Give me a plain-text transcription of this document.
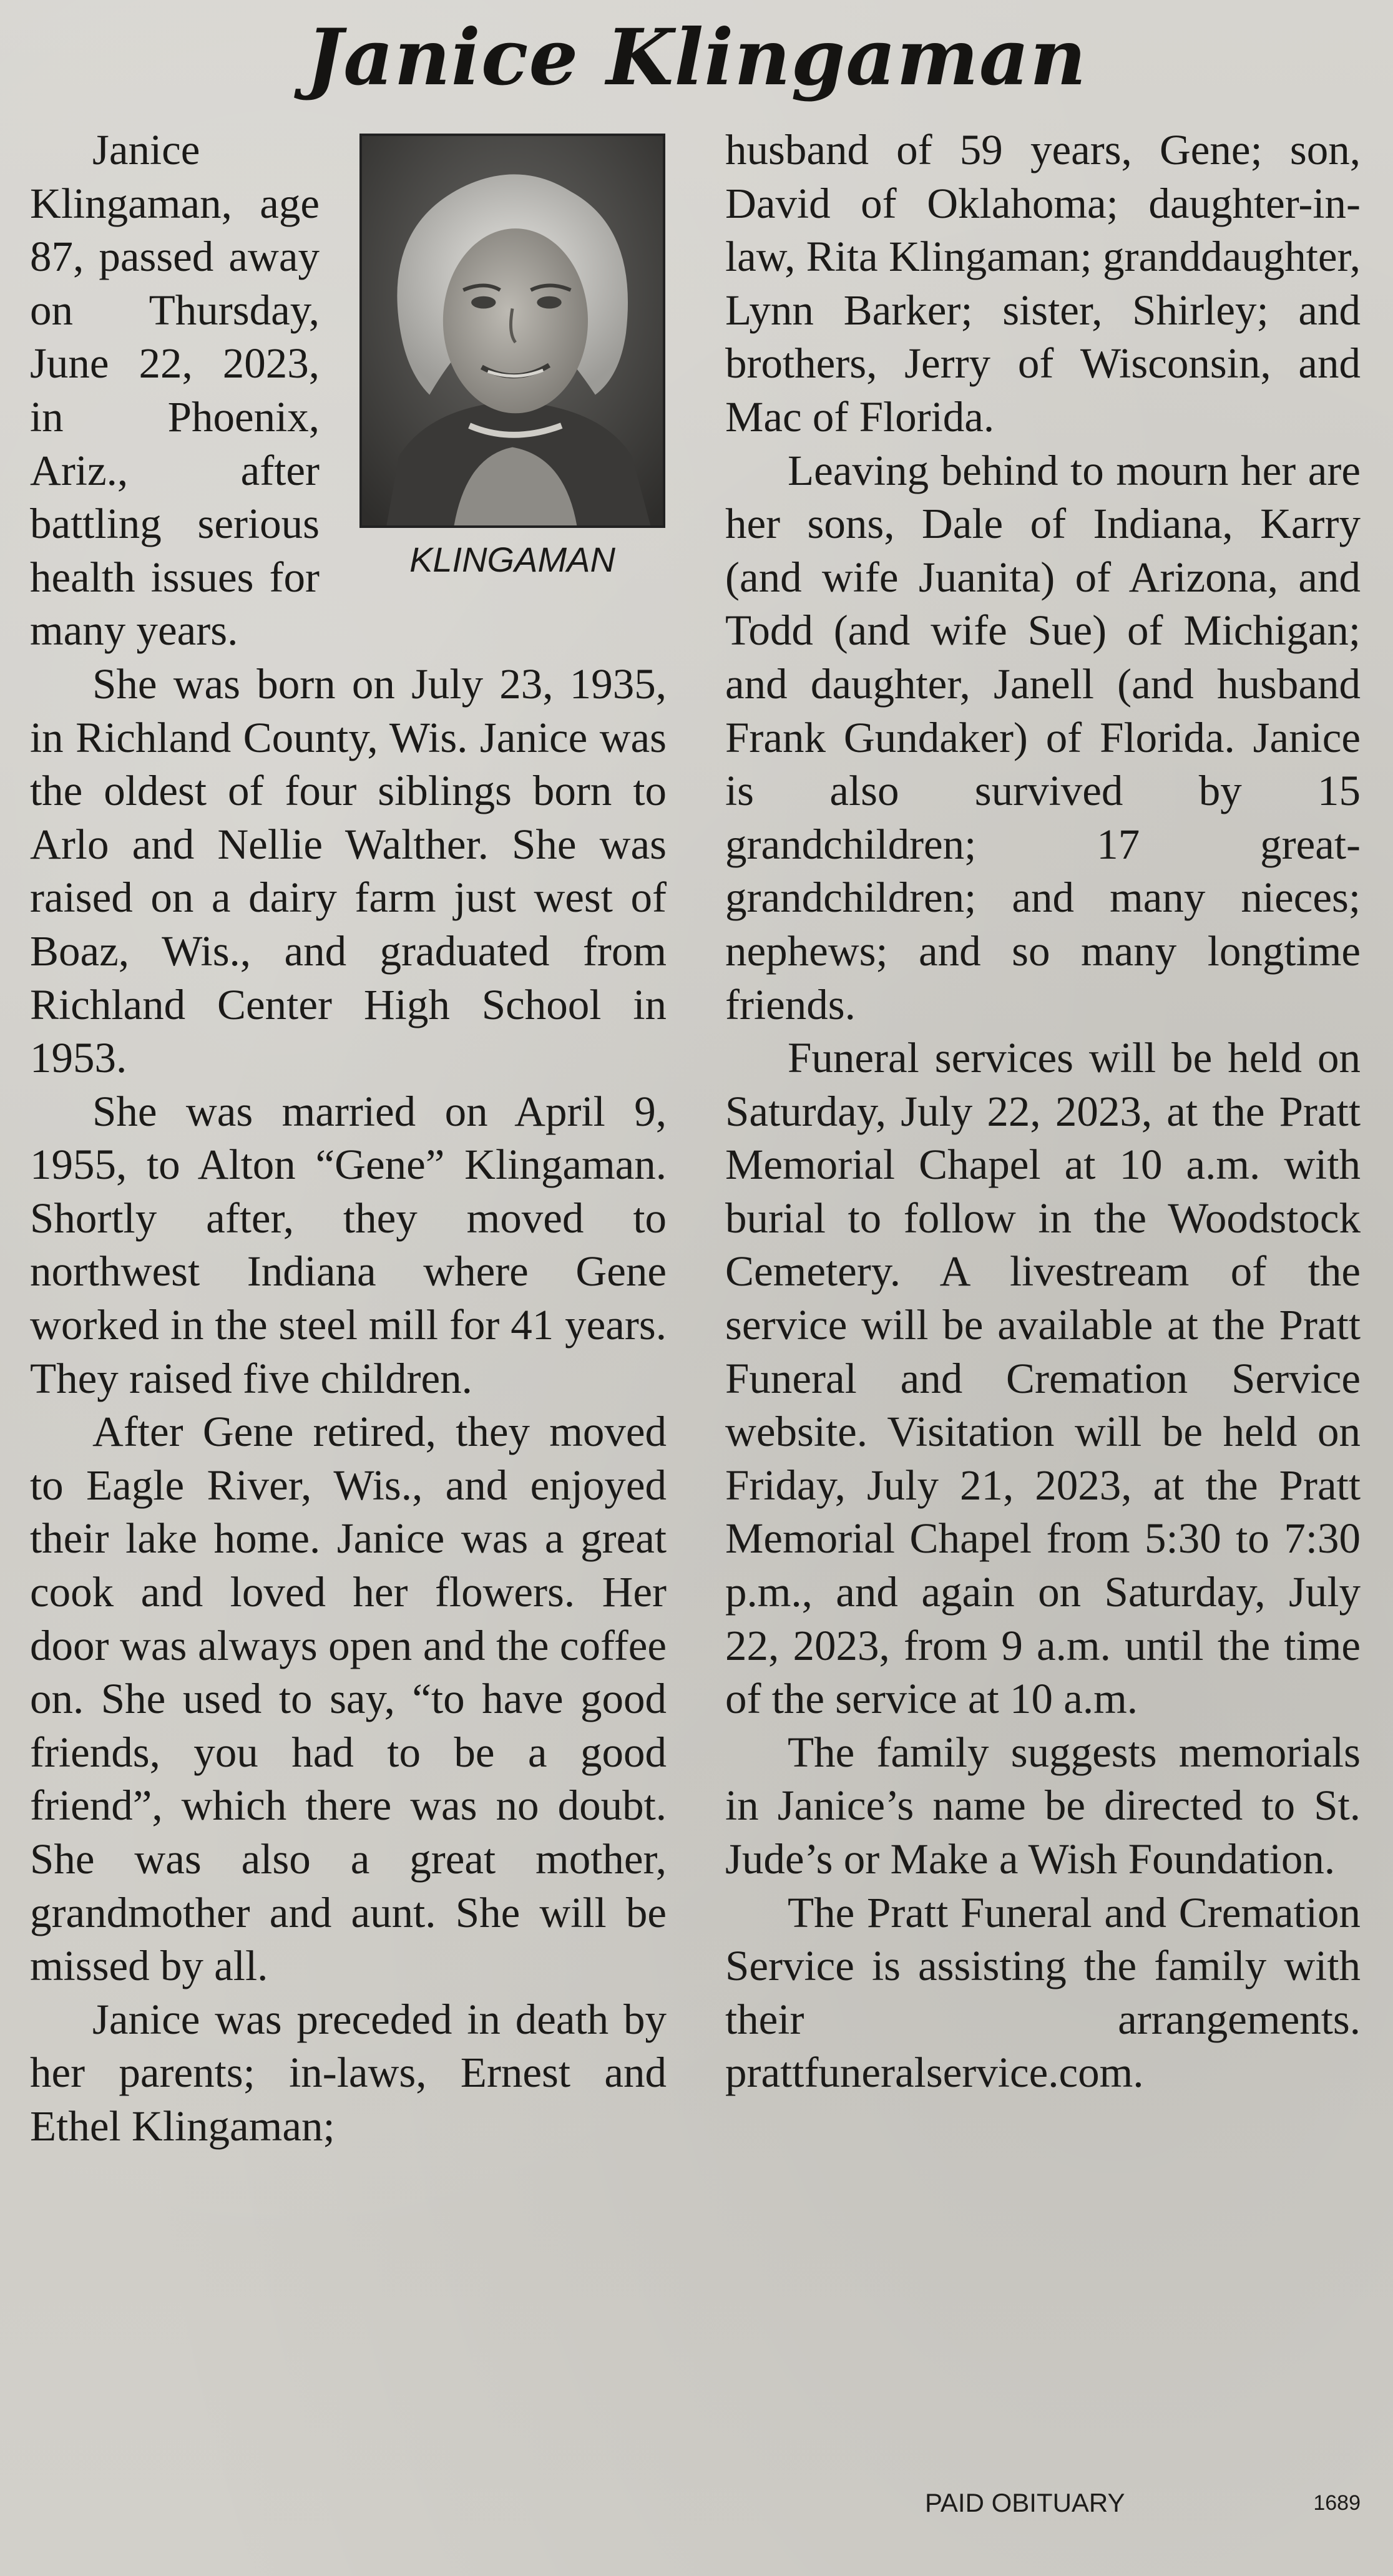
Janice Klingaman
KLINGAMAN

Janice Klingaman, age 87, passed away on Thursday, June 22, 2023, in Phoenix, Ariz., after battling serious health issues for many years.

She was born on July 23, 1935, in Richland County, Wis. Janice was the oldest of four siblings born to Arlo and Nellie Walther. She was raised on a dairy farm just west of Boaz, Wis., and graduated from Richland Center High School in 1953.

She was married on April 9, 1955, to Alton “Gene” Klingaman. Shortly after, they moved to northwest Indiana where Gene worked in the steel mill for 41 years. They raised five children.

After Gene retired, they moved to Eagle River, Wis., and enjoyed their lake home. Janice was a great cook and loved her flowers. Her door was always open and the coffee on. She used to say, “to have good friends, you had to be a good friend”, which there was no doubt. She was also a great mother, grandmother and aunt. She will be missed by all.

Janice was preceded in death by her parents; in-laws, Ernest and Ethel Klingaman;

husband of 59 years, Gene; son, David of Oklahoma; daughter-in-law, Rita Klingaman; granddaughter, Lynn Barker; sister, Shirley; and brothers, Jerry of Wisconsin, and Mac of Florida.

Leaving behind to mourn her are her sons, Dale of Indiana, Karry (and wife Juanita) of Arizona, and Todd (and wife Sue) of Michigan; and daughter, Janell (and husband Frank Gundaker) of Florida. Janice is also survived by 15 grandchildren; 17 great-grandchildren; and many nieces; nephews; and so many longtime friends.

Funeral services will be held on Saturday, July 22, 2023, at the Pratt Memorial Chapel at 10 a.m. with burial to follow in the Woodstock Cemetery. A livestream of the service will be available at the Pratt Funeral and Cremation Service website. Visitation will be held on Friday, July 21, 2023, at the Pratt Memorial Chapel from 5:30 to 7:30 p.m., and again on Saturday, July 22, 2023, from 9 a.m. until the time of the service at 10 a.m.

The family suggests memorials in Janice’s name be directed to St. Jude’s or Make a Wish Foundation.

The Pratt Funeral and Cremation Service is assisting the family with their arrangements. prattfuneralservice.com.

PAID OBITUARY	1689
